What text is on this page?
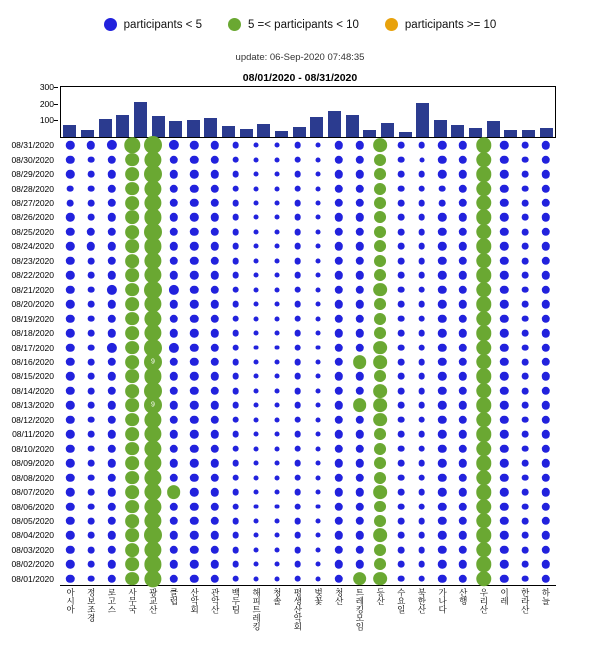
participants < 5	5 =< participants < 10	participants >= 10
update: 06-Sep-2020 07:48:35
08/01/2020 - 08/31/2020
100
200
300
08/31/2020
08/30/2020
08/29/2020
08/28/2020
08/27/2020
08/26/2020
08/25/2020
08/24/2020
08/23/2020
08/22/2020
08/21/2020
08/20/2020
08/19/2020
08/18/2020
08/17/2020
08/16/2020
08/15/2020
08/14/2020
08/13/2020
08/12/2020
08/11/2020
08/10/2020
08/09/2020
08/08/2020
08/07/2020
08/06/2020
08/05/2020
08/04/2020
08/03/2020
08/02/2020
08/01/2020
9
9
아시아 정보조경 로고스 사무국 광교산 클럽 산악회 관악산 백두팀 해피트레킹 청솔 평생산악회 벚꽃 청산 트레킹모임 등산 수요일 북한산 가나다 산행 우리산 이레 한라산 하늘
